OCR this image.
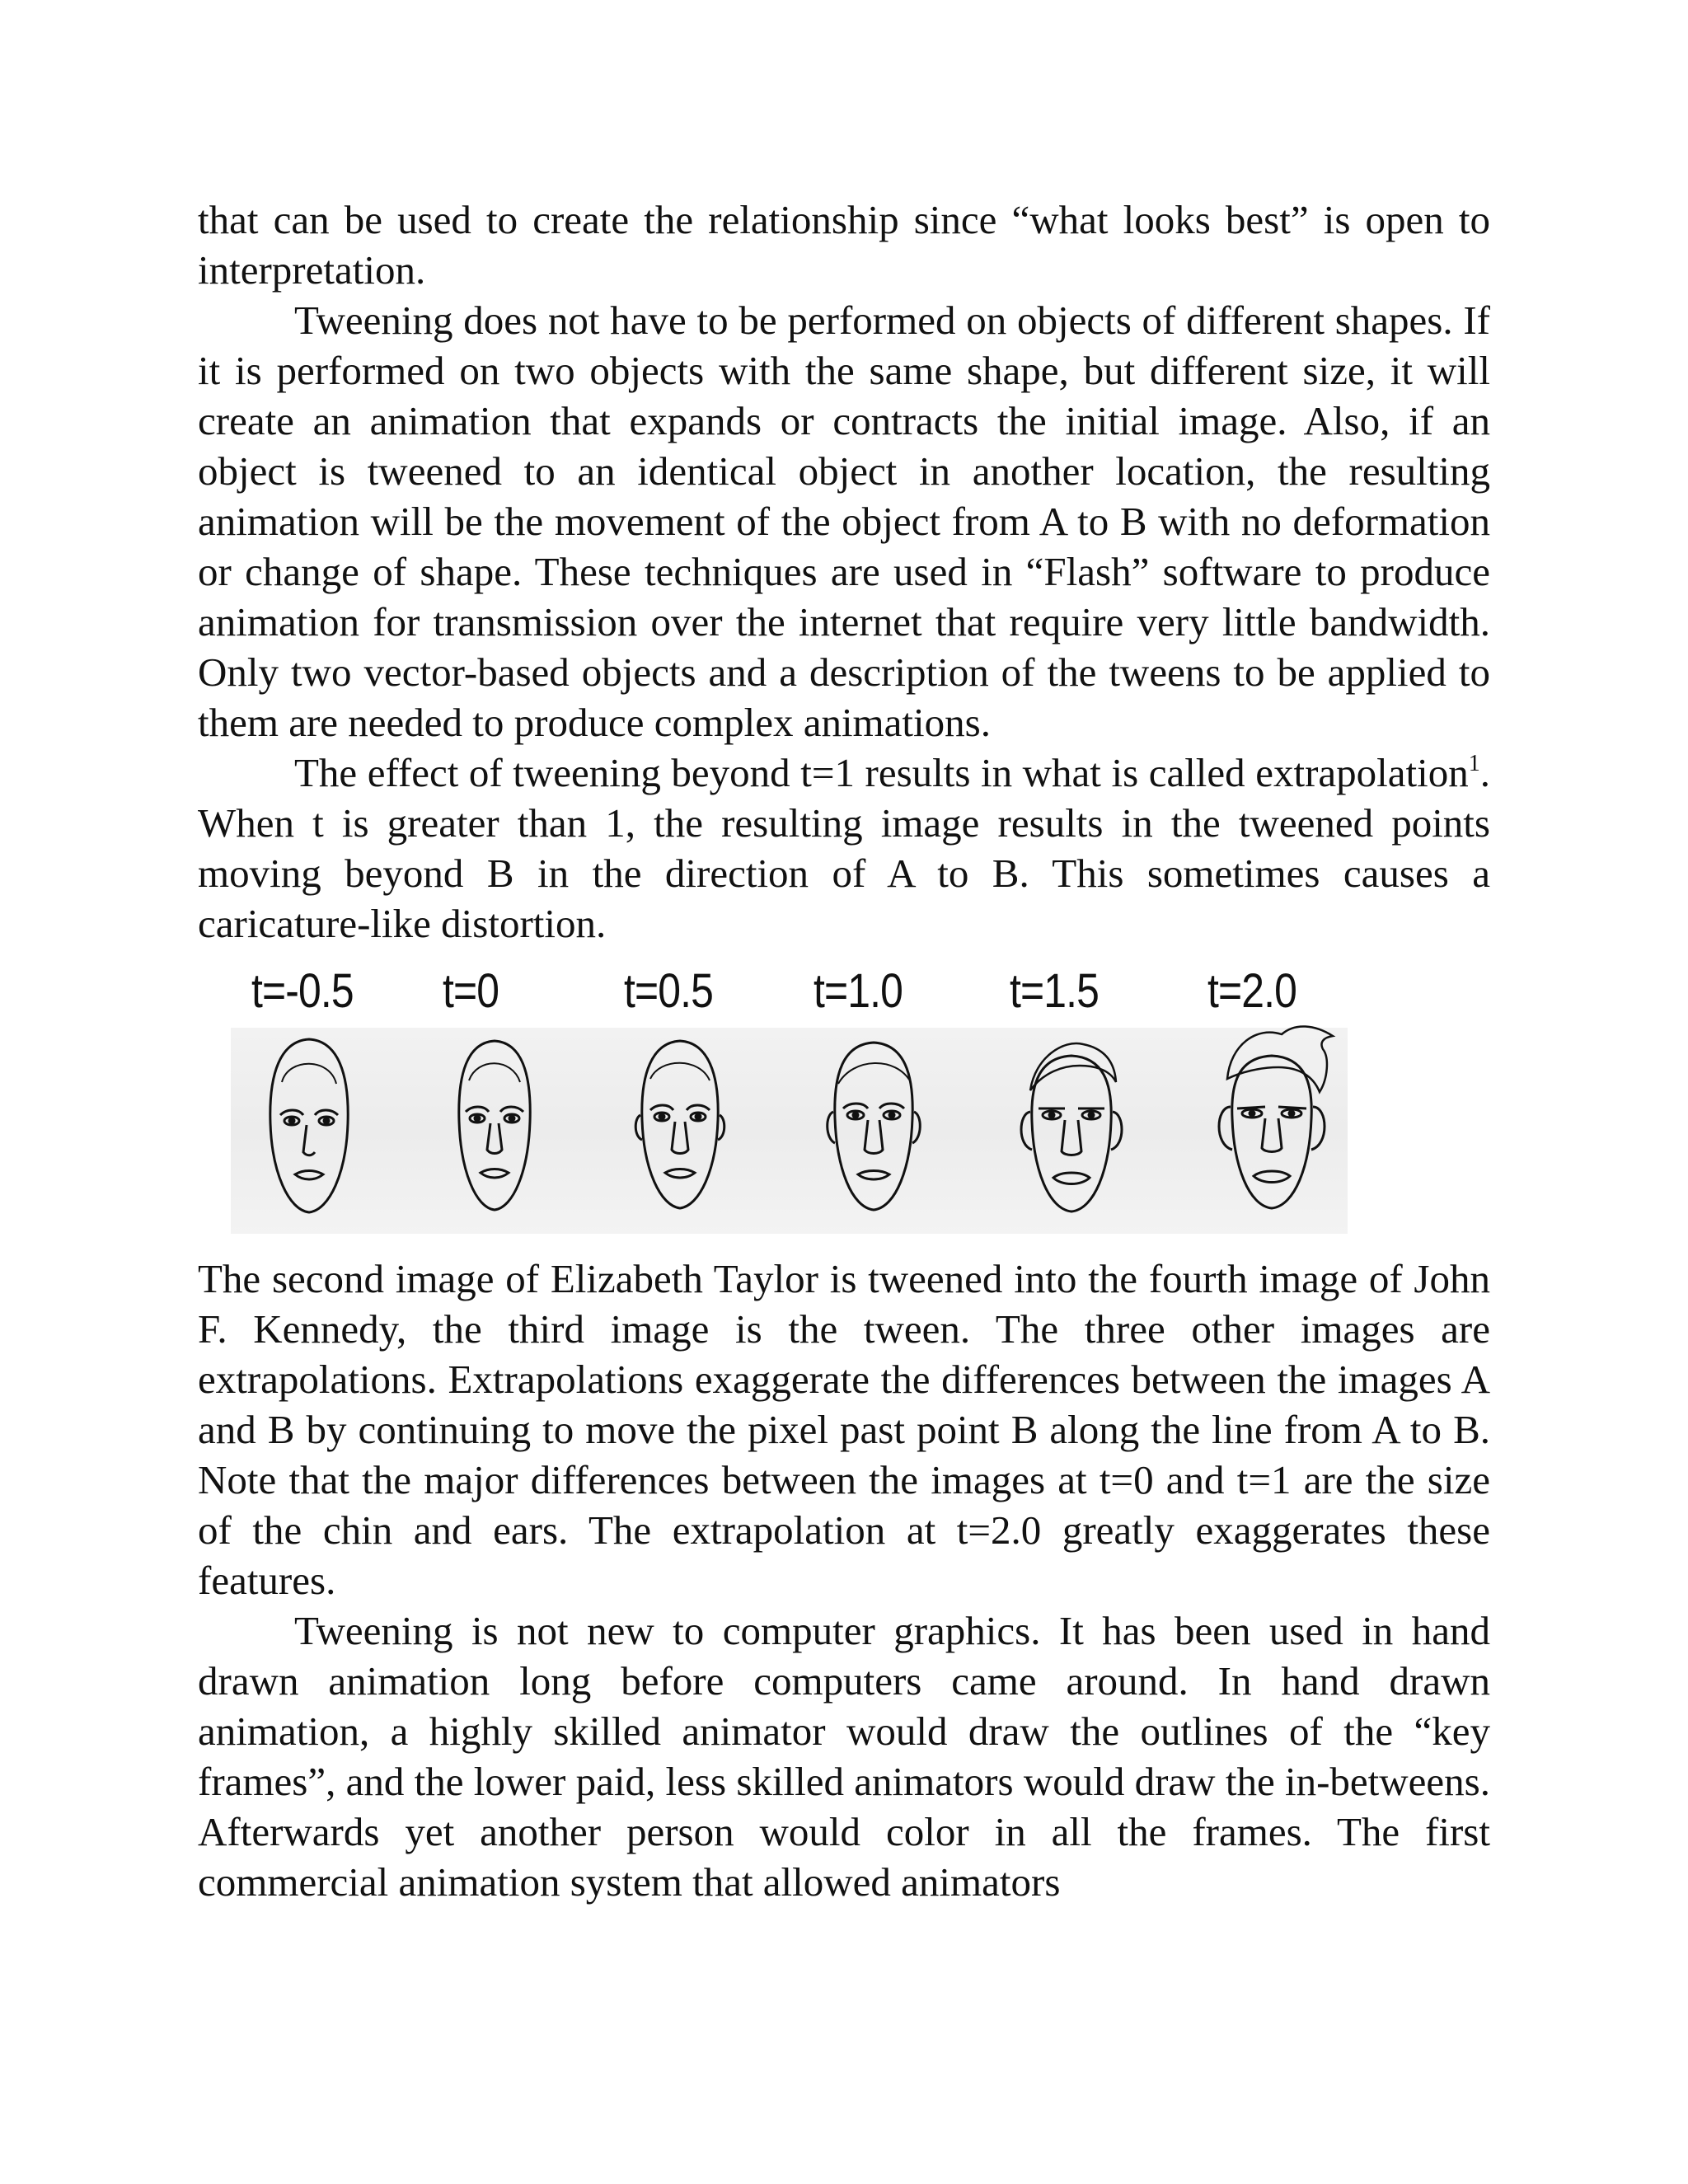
that can be used to create the relationship since “what looks best” is open to interpretation.

Tweening does not have to be performed on objects of different shapes. If it is performed on two objects with the same shape, but different size, it will create an animation that expands or contracts the initial image. Also, if an object is tweened to an identical object in another location, the resulting animation will be the movement of the object from A to B with no deformation or change of shape. These techniques are used in “Flash” software to produce animation for transmission over the internet that require very little bandwidth. Only two vector-based objects and a description of the tweens to be applied to them are needed to produce complex animations.

The effect of tweening beyond t=1 results in what is called extrapolation$^1$. When t is greater than 1, the resulting image results in the tweened points moving beyond B in the direction of A to B. This sometimes causes a caricature-like distortion.

t=-0.5 t=0	t=0.5 t=1.0 t=1.5 t=2.0

The second image of Elizabeth Taylor is tweened into the fourth image of John F. Kennedy, the third image is the tween. The three other images are extrapolations. Extrapolations exaggerate the differences between the images A and B by continuing to move the pixel past point B along the line from A to B. Note that the major differences between the images at t=0 and t=1 are the size of the chin and ears. The extrapolation at t=2.0 greatly exaggerates these features.

Tweening is not new to computer graphics. It has been used in hand drawn animation long before computers came around. In hand drawn animation, a highly skilled animator would draw the outlines of the “key frames”, and the lower paid, less skilled animators would draw the in-betweens. Afterwards yet another person would color in all the frames. The first commercial animation system that allowed animators
